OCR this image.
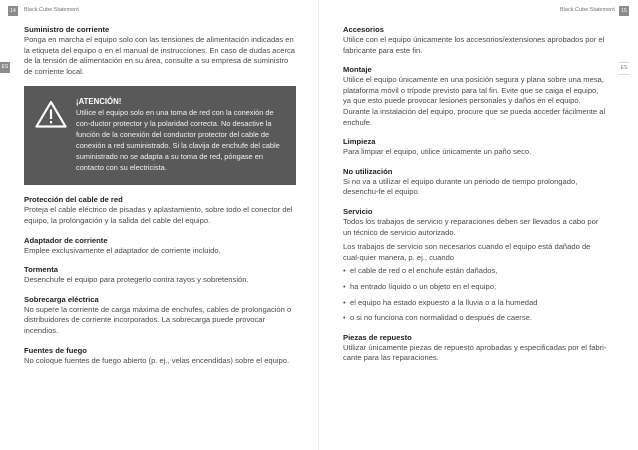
14	Black Cube Statement	Black Cube Statement	15
ES	ES

Suministro de corriente

Ponga en marcha el equipo solo con las tensiones de alimentación indicadas en la etiqueta del equipo o en el manual de instrucciones. En caso de dudas acerca de la tensión de alimentación en su área, consulte a su empresa de suministro de corriente local.

¡ATENCIÓN!

Utilice el equipo solo en una toma de red con la conexión de con-ductor protector y la polaridad correcta. No desactive la función de la conexión del conductor protector del cable de conexión a red suministrado. Si la clavija de enchufe del cable suministrado no se adapta a su toma de red, póngase en contacto con su electricista.

Protección del cable de red

Proteja el cable eléctrico de pisadas y aplastamiento, sobre todo el conector del equipo, la prolongación y la salida del cable del equipo.

Adaptador de corriente

Emplee exclusivamente el adaptador de corriente incluido.

Tormenta

Desenchufe el equipo para protegerlo contra rayos y sobretensión.

Sobrecarga eléctrica

No supere la corriente de carga máxima de enchufes, cables de prolongación o distribuidores de corriente incorporados. La sobrecarga puede provocar incendios.

Fuentes de fuego

No coloque fuentes de fuego abierto (p. ej., velas encendidas) sobre el equipo.

Accesorios

Utilice con el equipo únicamente los accesorios/extensiones aprobados por el fabricante para este fin.

Montaje

Utilice el equipo únicamente en una posición segura y plana sobre una mesa, plataforma móvil o trípode previsto para tal fin. Evite que se caiga el equipo, ya que esto puede provocar lesiones personales y daños en el equipo. Durante la instalación del equipo, procure que se pueda acceder fácilmente al enchufe.

Limpieza

Para limpiar el equipo, utilice únicamente un paño seco.

No utilización

Si no va a utilizar el equipo durante un periodo de tiempo prolongado, desenchu-fe el equipo.

Servicio

Todos los trabajos de servicio y reparaciones deben ser llevados a cabo por un técnico de servicio autorizado.

Los trabajos de servicio son necesarios cuando el equipo está dañado de cual-quier manera, p. ej., cuando

• el cable de red o el enchufe están dañados,
• ha entrado líquido o un objeto en el equipo,
• el equipo ha estado expuesto a la lluvia o a la humedad
• o si no funciona con normalidad o después de caerse.

Piezas de repuesto

Utilizar únicamente piezas de repuesto aprobadas y especificadas por el fabri-cante para las reparaciones.
